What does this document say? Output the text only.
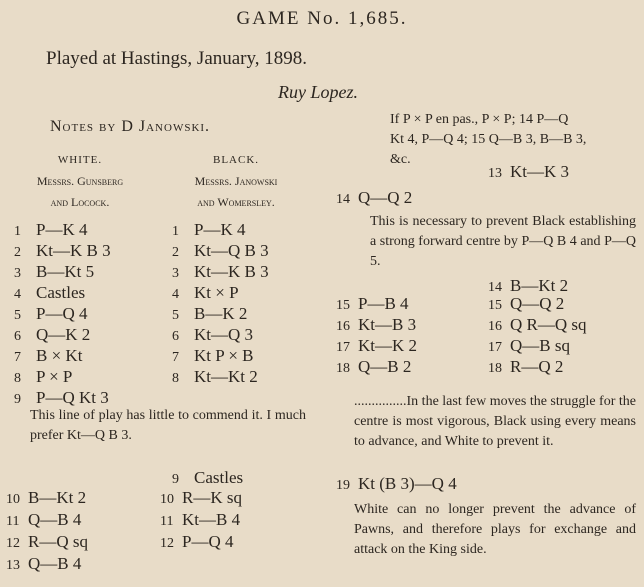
GAME No. 1,685.
Played at Hastings, January, 1898.
Ruy Lopez.
Notes by D Janowski.
WHITE.
Messrs. Gunsberg
and Locock.
BLACK.
Messrs. Janowski
and Womersley.
1 P—K 4	1 P—K 4
2 Kt—K B 3	2 Kt—Q B 3
3 B—Kt 5	3 Kt—K B 3
4 Castles	4 Kt × P
5 P—Q 4	5 B—K 2
6 Q—K 2	6 Kt—Q 3
7 B × Kt	7 Kt P × B
8 P × P	8 Kt—Kt 2
9 P—Q Kt 3
This line of play has little to commend it. I much prefer Kt—Q B 3.
9 Castles
10 B—Kt 2	10 R—K sq
11 Q—B 4	11 Kt—B 4
12 R—Q sq	12 P—Q 4
13 Q—B 4
If P × P en pas., P × P; 14 P—Q
Kt 4, P—Q 4; 15 Q—B 3, B—B 3,
&c.
13 Kt—K 3
14 Q—Q 2
This is necessary to prevent Black establishing a strong forward centre by P—Q B 4 and P—Q 5.
14 B—Kt 2
15 P—B 4	15 Q—Q 2
16 Kt—B 3	16 Q R—Q sq
17 Kt—K 2	17 Q—B sq
18 Q—B 2	18 R—Q 2
...............In the last few moves the struggle for the centre is most vigorous, Black using every means to advance, and White to prevent it.
19 Kt (B 3)—Q 4
White can no longer prevent the advance of Pawns, and therefore plays for exchange and attack on the King side.
